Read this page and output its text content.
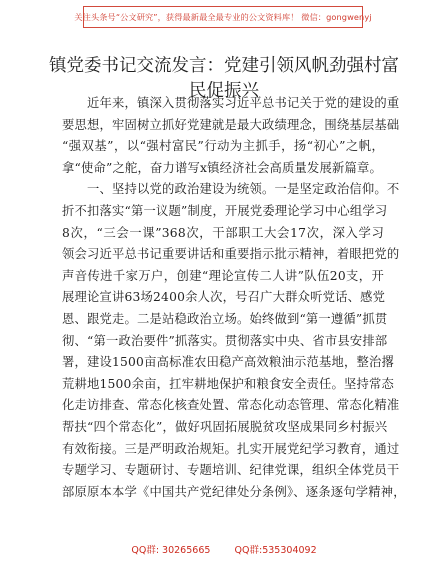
关注头条号“公文研究”，获得最新最全最专业的公文资料库！ 微信：gongwenyj
镇党委书记交流发言：党建引领风帆劲强村富
民促振兴
近年来，镇深入贯彻落实习近平总书记关于党的建设的重
要思想，牢固树立抓好党建就是最大政绩理念，围绕基层基础
“强双基”，以“强村富民”行动为主抓手，扬“初心”之帆，
拿“使命”之舵，奋力谱写x镇经济社会高质量发展新篇章。
一、坚持以党的政治建设为统领。一是坚定政治信仰。不
折不扣落实“第一议题”制度，开展党委理论学习中心组学习
8次，“三会一课”368次，干部职工大会17次，深入学习
领会习近平总书记重要讲话和重要指示批示精神，着眼把党的
声音传进千家万户，创建“理论宣传二人讲”队伍20支，开
展理论宣讲63场2400余人次，号召广大群众听党话、感党
恩、跟党走。二是站稳政治立场。始终做到“第一遵循”抓贯
彻、“第一政治要件”抓落实。贯彻落实中央、省市县安排部
署，建设1500亩高标准农田稳产高效粮油示范基地，整治撂
荒耕地1500余亩，扛牢耕地保护和粮食安全责任。坚持常态
化走访排查、常态化核查处置、常态化动态管理、常态化精准
帮扶“四个常态化”，做好巩固拓展脱贫攻坚成果同乡村振兴
有效衔接。三是严明政治规矩。扎实开展党纪学习教育，通过
专题学习、专题研讨、专题培训、纪律党课，组织全体党员干
部原原本本学《中国共产党纪律处分条例》、逐条逐句学精神，
QQ群: 30265665        QQ群:535304092
